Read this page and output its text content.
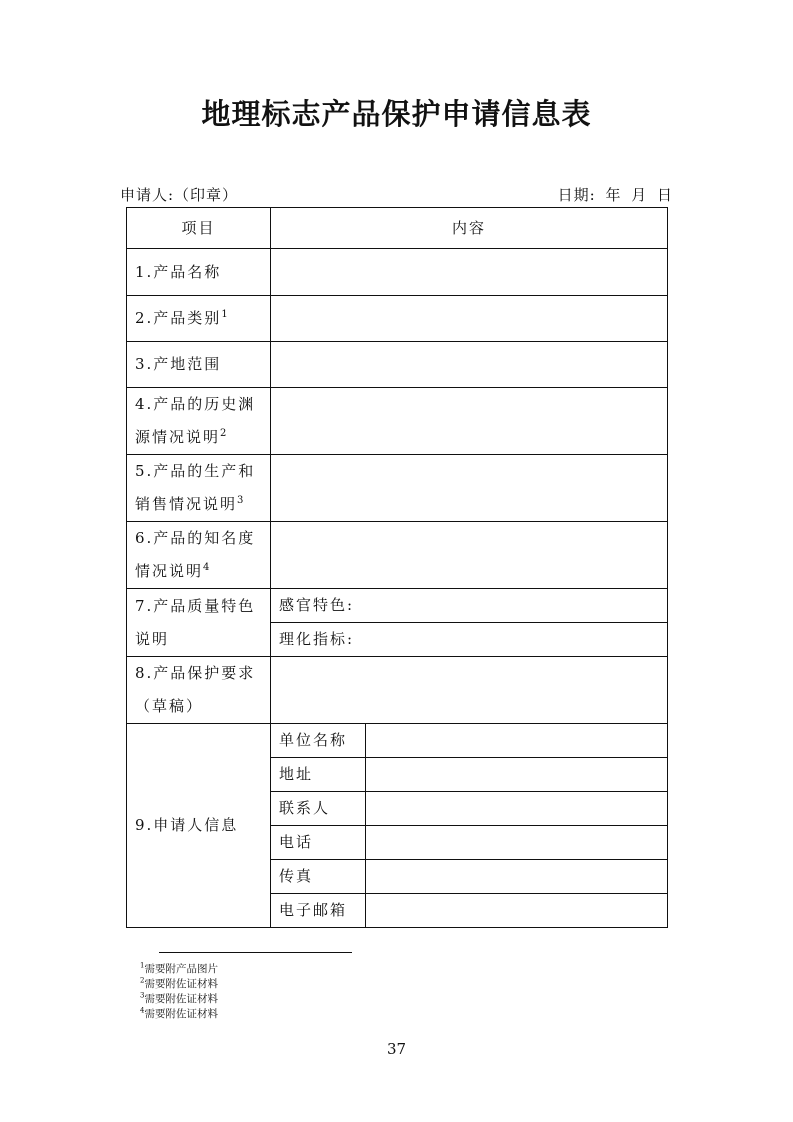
地理标志产品保护申请信息表
申请人:（印章）	日期: 年 月 日
项目	内容	
1.产品名称		
2.产品类别$^1$	
3.产地范围		
4.产品的历史渊源情况说明$^2$	
5.产品的生产和销售情况说明$^3$	
6.产品的知名度情况说明$^4$	
7.产品质量特色说明	感官特色:	
	理化指标:	
8.产品保护要求（草稿）		
9.申请人信息	单位名称	
	地址	
	联系人	
	电话	
	传真	
	电子邮箱	
$^1$需要附产品图片
$^2$需要附佐证材料
$^3$需要附佐证材料
$^4$需要附佐证材料
37
